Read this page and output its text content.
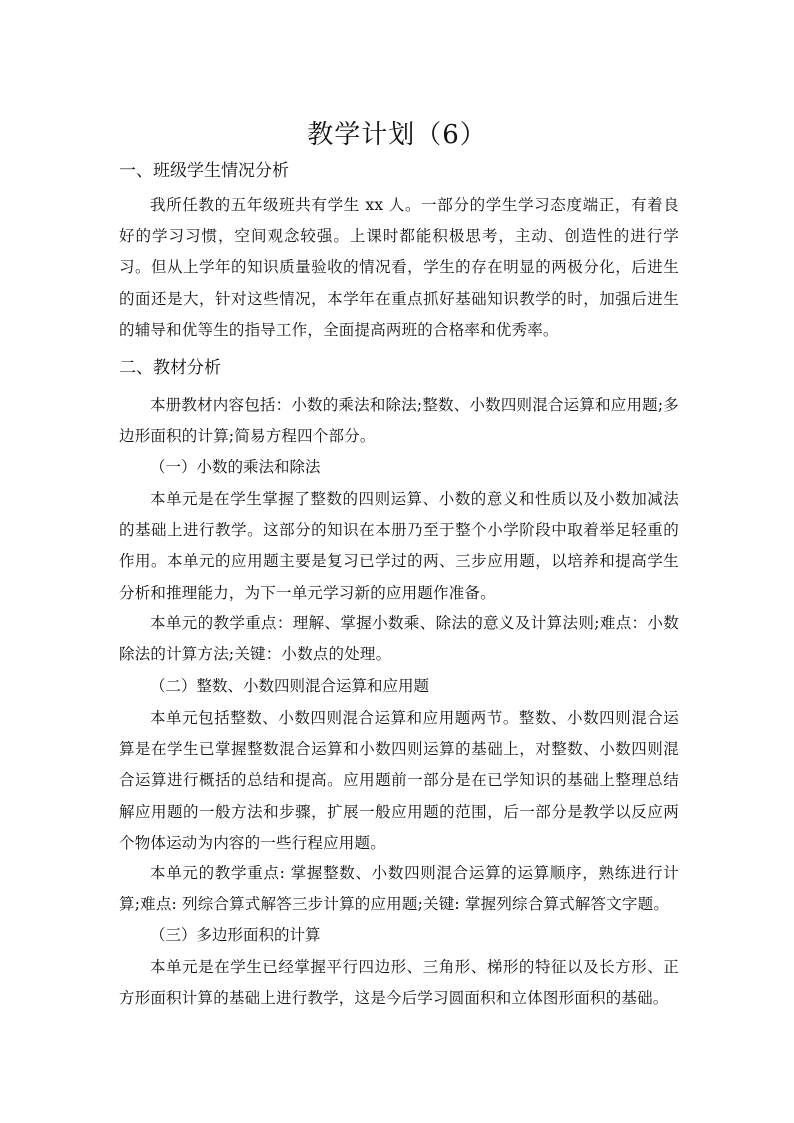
教学计划（6）
一、班级学生情况分析
我所任教的五年级班共有学生 xx 人。一部分的学生学习态度端正，有着良好的学习习惯，空间观念较强。上课时都能积极思考，主动、创造性的进行学习。但从上学年的知识质量验收的情况看，学生的存在明显的两极分化，后进生的面还是大，针对这些情况，本学年在重点抓好基础知识教学的时，加强后进生的辅导和优等生的指导工作，全面提高两班的合格率和优秀率。
二、教材分析
本册教材内容包括：小数的乘法和除法;整数、小数四则混合运算和应用题;多边形面积的计算;简易方程四个部分。
（一）小数的乘法和除法
本单元是在学生掌握了整数的四则运算、小数的意义和性质以及小数加减法的基础上进行教学。这部分的知识在本册乃至于整个小学阶段中取着举足轻重的作用。本单元的应用题主要是复习已学过的两、三步应用题，以培养和提高学生分析和推理能力，为下一单元学习新的应用题作准备。
本单元的教学重点：理解、掌握小数乘、除法的意义及计算法则;难点：小数除法的计算方法;关键：小数点的处理。
（二）整数、小数四则混合运算和应用题
本单元包括整数、小数四则混合运算和应用题两节。整数、小数四则混合运算是在学生已掌握整数混合运算和小数四则运算的基础上，对整数、小数四则混合运算进行概括的总结和提高。应用题前一部分是在已学知识的基础上整理总结解应用题的一般方法和步骤，扩展一般应用题的范围，后一部分是教学以反应两个物体运动为内容的一些行程应用题。
本单元的教学重点: 掌握整数、小数四则混合运算的运算顺序，熟练进行计算;难点: 列综合算式解答三步计算的应用题;关键: 掌握列综合算式解答文字题。
（三）多边形面积的计算
本单元是在学生已经掌握平行四边形、三角形、梯形的特征以及长方形、正方形面积计算的基础上进行教学，这是今后学习圆面积和立体图形面积的基础。
